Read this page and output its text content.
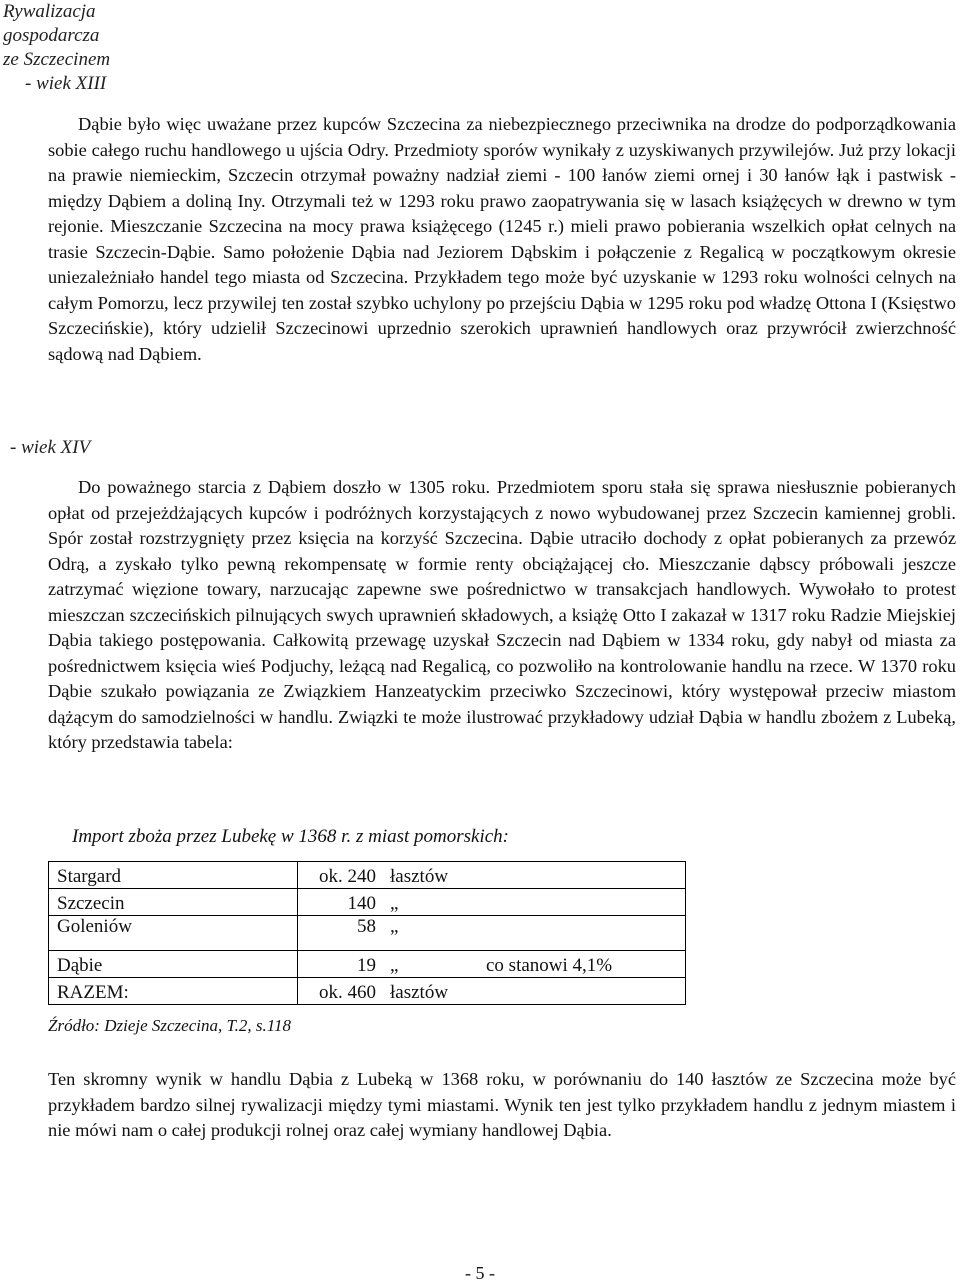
Rywalizacja
gospodarcza
ze Szczecinem
- wiek XIII

Dąbie było więc uważane przez kupców Szczecina za niebezpiecznego przeciwnika na drodze do podporządkowania sobie całego ruchu handlowego u ujścia Odry. Przedmioty sporów wynikały z uzyskiwanych przywilejów. Już przy lokacji na prawie niemieckim, Szczecin otrzymał poważny nadział ziemi - 100 łanów ziemi ornej i 30 łanów łąk i pastwisk - między Dąbiem a doliną Iny. Otrzymali też w 1293 roku prawo zaopatrywania się w lasach książęcych w drewno w tym rejonie. Mieszczanie Szczecina na mocy prawa książęcego (1245 r.) mieli prawo pobierania wszelkich opłat celnych na trasie Szczecin-Dąbie. Samo położenie Dąbia nad Jeziorem Dąbskim i połączenie z Regalicą w początkowym okresie uniezależniało handel tego miasta od Szczecina. Przykładem tego może być uzyskanie w 1293 roku wolności celnych na całym Pomorzu, lecz przywilej ten został szybko uchylony po przejściu Dąbia w 1295 roku pod władzę Ottona I (Księstwo Szczecińskie), który udzielił Szczecinowi uprzednio szerokich uprawnień handlowych oraz przywrócił zwierzchność sądową nad Dąbiem.

- wiek XIV

Do poważnego starcia z Dąbiem doszło w 1305 roku. Przedmiotem sporu stała się sprawa niesłusznie pobieranych opłat od przejeżdżających kupców i podróżnych korzystających z nowo wybudowanej przez Szczecin kamiennej grobli. Spór został rozstrzygnięty przez księcia na korzyść Szczecina. Dąbie utraciło dochody z opłat pobieranych za przewóz Odrą, a zyskało tylko pewną rekompensatę w formie renty obciążającej cło. Mieszczanie dąbscy próbowali jeszcze zatrzymać więzione towary, narzucając zapewne swe pośrednictwo w transakcjach handlowych. Wywołało to protest mieszczan szczecińskich pilnujących swych uprawnień składowych, a książę Otto I zakazał w 1317 roku Radzie Miejskiej Dąbia takiego postępowania. Całkowitą przewagę uzyskał Szczecin nad Dąbiem w 1334 roku, gdy nabył od miasta za pośrednictwem księcia wieś Podjuchy, leżącą nad Regalicą, co pozwoliło na kontrolowanie handlu na rzece. W 1370 roku Dąbie szukało powiązania ze Związkiem Hanzeatyckim przeciwko Szczecinowi, który występował przeciw miastom dążącym do samodzielności w handlu. Związki te może ilustrować przykładowy udział Dąbia w handlu zbożem z Lubeką, który przedstawia tabela:

Import zboża przez Lubekę w 1368 r. z miast pomorskich:
Stargard	ok. 240 łasztów
Szczecin	140 „
Goleniów	58 „
Dąbie	19 „ co stanowi 4,1%
RAZEM:	ok. 460 łasztów
Źródło: Dzieje Szczecina, T.2, s.118

Ten skromny wynik w handlu Dąbia z Lubeką w 1368 roku, w porównaniu do 140 łasztów ze Szczecina może być przykładem bardzo silnej rywalizacji między tymi miastami. Wynik ten jest tylko przykładem handlu z jednym miastem i nie mówi nam o całej produkcji rolnej oraz całej wymiany handlowej Dąbia.

- 5 -
